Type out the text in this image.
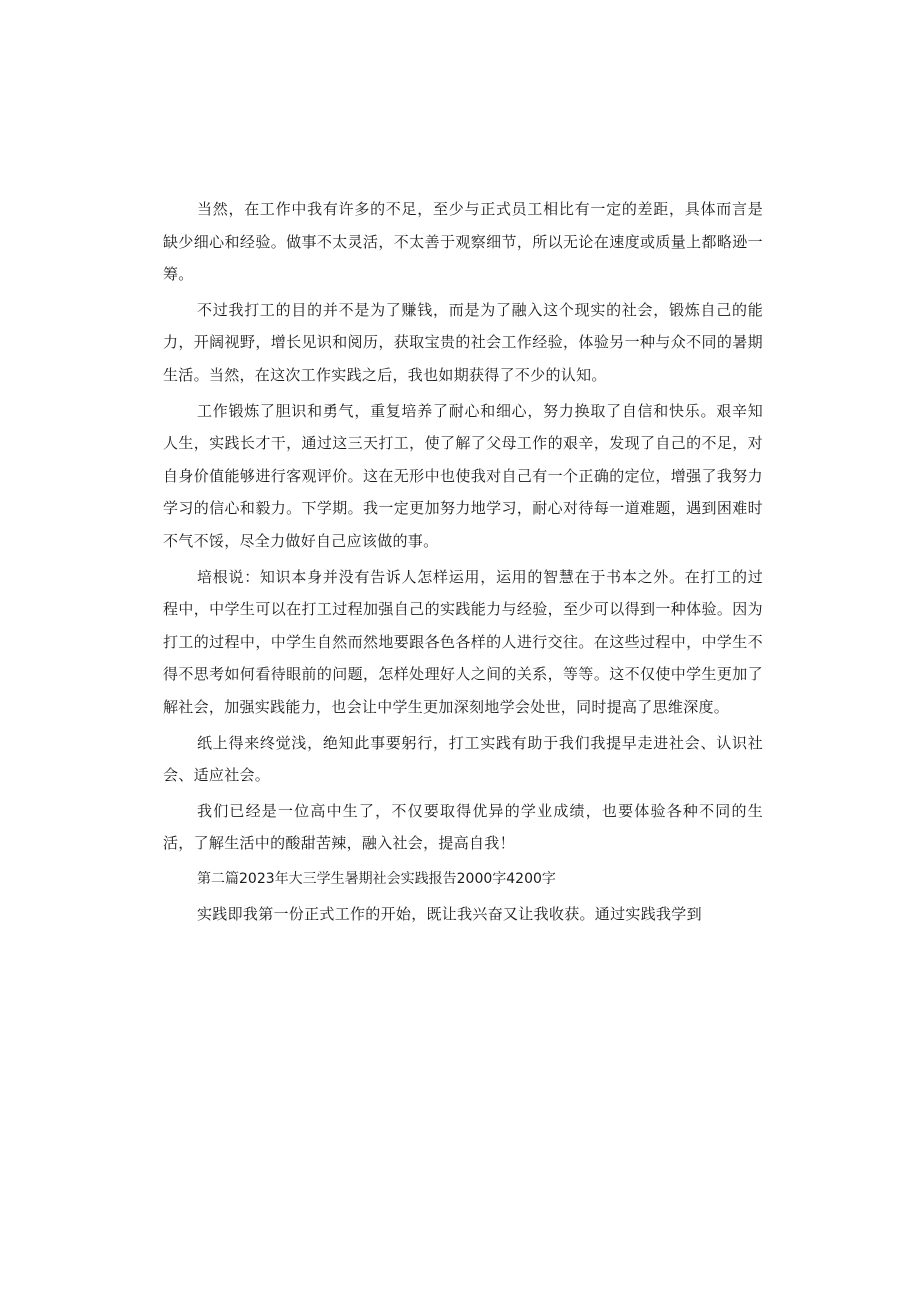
当然，在工作中我有许多的不足，至少与正式员工相比有一定的差距，具体而言是缺少细心和经验。做事不太灵活，不太善于观察细节，所以无论在速度或质量上都略逊一筹。

不过我打工的目的并不是为了赚钱，而是为了融入这个现实的社会，锻炼自己的能力，开阔视野，增长见识和阅历，获取宝贵的社会工作经验，体验另一种与众不同的暑期生活。当然，在这次工作实践之后，我也如期获得了不少的认知。

工作锻炼了胆识和勇气，重复培养了耐心和细心，努力换取了自信和快乐。艰辛知人生，实践长才干，通过这三天打工，使了解了父母工作的艰辛，发现了自己的不足，对自身价值能够进行客观评价。这在无形中也使我对自己有一个正确的定位，增强了我努力学习的信心和毅力。下学期。我一定更加努力地学习，耐心对待每一道难题，遇到困难时不气不馁，尽全力做好自己应该做的事。

培根说：知识本身并没有告诉人怎样运用，运用的智慧在于书本之外。在打工的过程中，中学生可以在打工过程加强自己的实践能力与经验，至少可以得到一种体验。因为打工的过程中，中学生自然而然地要跟各色各样的人进行交往。在这些过程中，中学生不得不思考如何看待眼前的问题，怎样处理好人之间的关系，等等。这不仅使中学生更加了解社会，加强实践能力，也会让中学生更加深刻地学会处世，同时提高了思维深度。

纸上得来终觉浅，绝知此事要躬行，打工实践有助于我们我提早走进社会、认识社会、适应社会。

我们已经是一位高中生了，不仅要取得优异的学业成绩，也要体验各种不同的生活，了解生活中的酸甜苦辣，融入社会，提高自我！

第二篇2023年大三学生暑期社会实践报告2000字4200字

实践即我第一份正式工作的开始，既让我兴奋又让我收获。通过实践我学到
